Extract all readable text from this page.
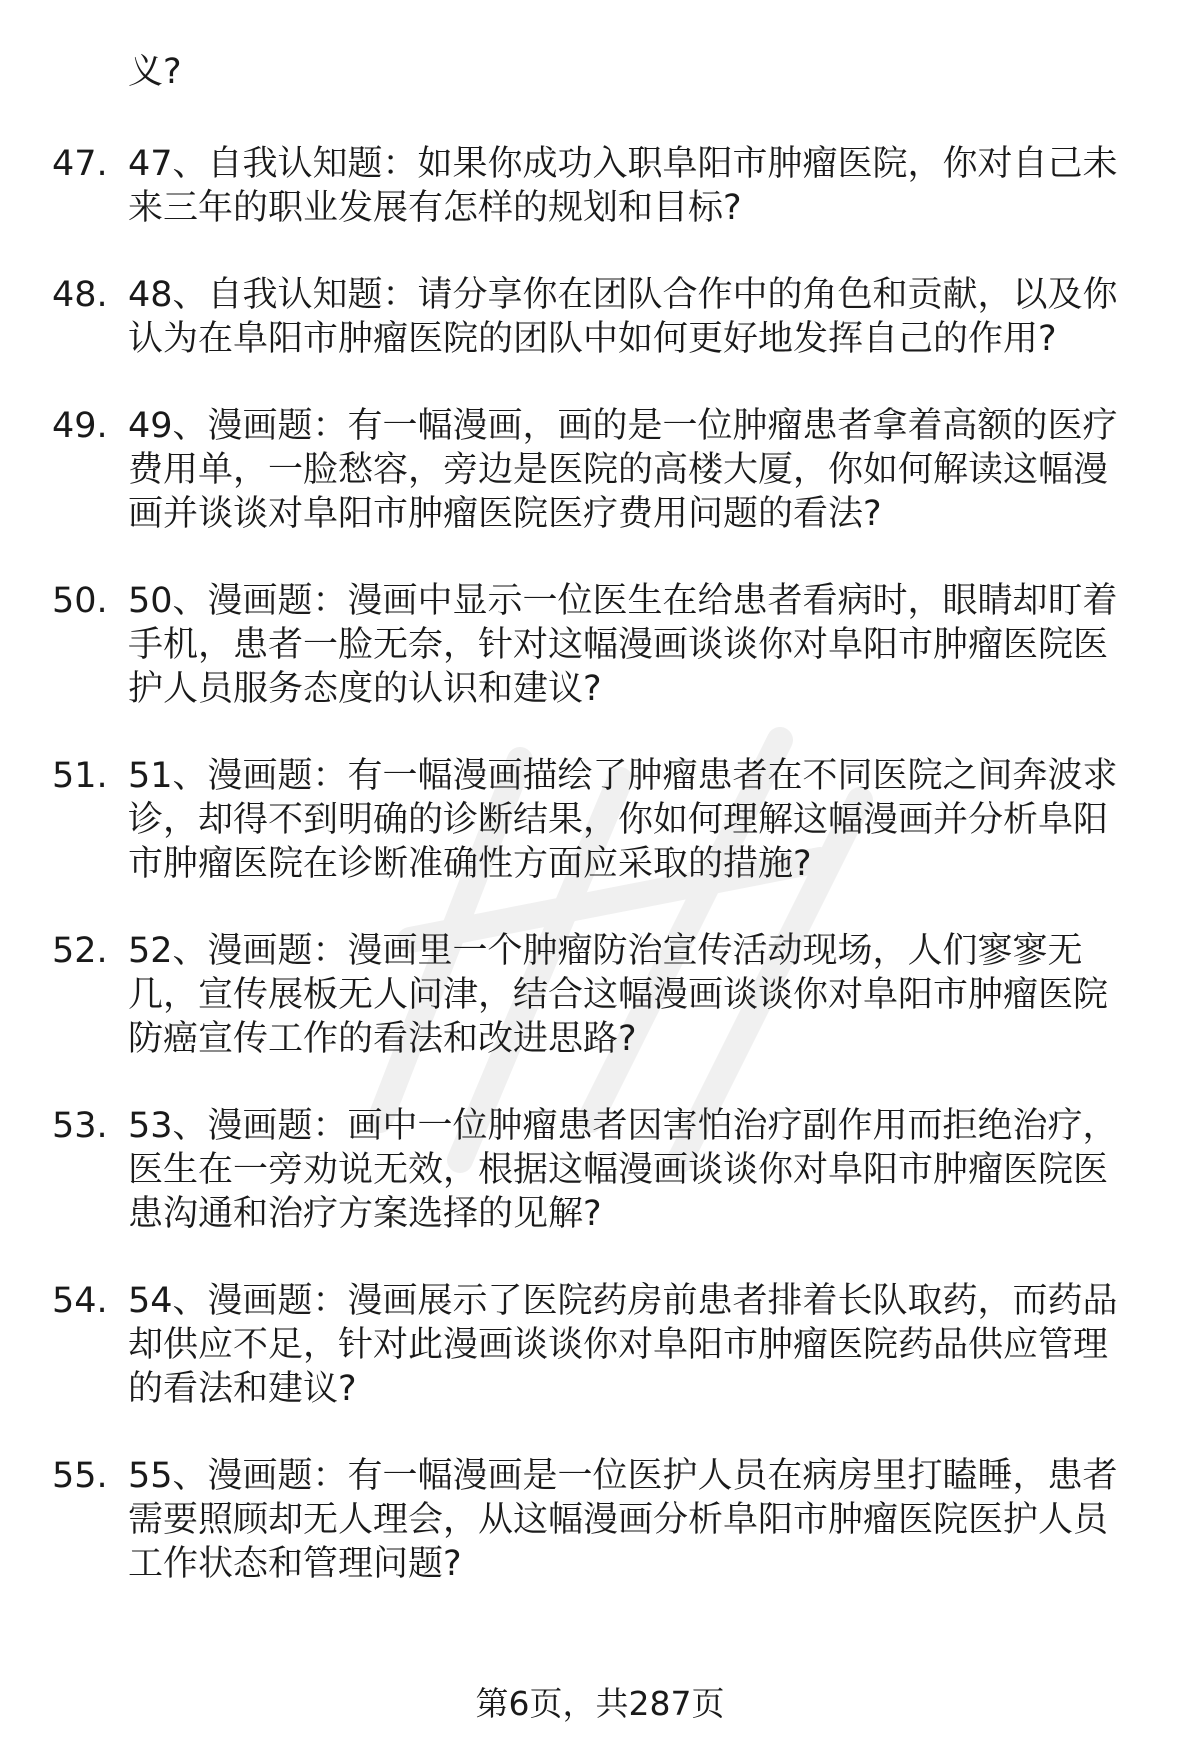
义?
47. 47、自我认知题：如果你成功入职阜阳市肿瘤医院，你对自己未
来三年的职业发展有怎样的规划和目标?
48. 48、自我认知题：请分享你在团队合作中的角色和贡献，以及你
认为在阜阳市肿瘤医院的团队中如何更好地发挥自己的作用?
49. 49、漫画题：有一幅漫画，画的是一位肿瘤患者拿着高额的医疗
费用单，一脸愁容，旁边是医院的高楼大厦，你如何解读这幅漫
画并谈谈对阜阳市肿瘤医院医疗费用问题的看法?
50. 50、漫画题：漫画中显示一位医生在给患者看病时，眼睛却盯着
手机，患者一脸无奈，针对这幅漫画谈谈你对阜阳市肿瘤医院医
护人员服务态度的认识和建议?
51. 51、漫画题：有一幅漫画描绘了肿瘤患者在不同医院之间奔波求
诊，却得不到明确的诊断结果，你如何理解这幅漫画并分析阜阳
市肿瘤医院在诊断准确性方面应采取的措施?
52. 52、漫画题：漫画里一个肿瘤防治宣传活动现场，人们寥寥无
几，宣传展板无人问津，结合这幅漫画谈谈你对阜阳市肿瘤医院
防癌宣传工作的看法和改进思路?
53. 53、漫画题：画中一位肿瘤患者因害怕治疗副作用而拒绝治疗，
医生在一旁劝说无效，根据这幅漫画谈谈你对阜阳市肿瘤医院医
患沟通和治疗方案选择的见解?
54. 54、漫画题：漫画展示了医院药房前患者排着长队取药，而药品
却供应不足，针对此漫画谈谈你对阜阳市肿瘤医院药品供应管理
的看法和建议?
55. 55、漫画题：有一幅漫画是一位医护人员在病房里打瞌睡，患者
需要照顾却无人理会，从这幅漫画分析阜阳市肿瘤医院医护人员
工作状态和管理问题?
第6页，共287页
